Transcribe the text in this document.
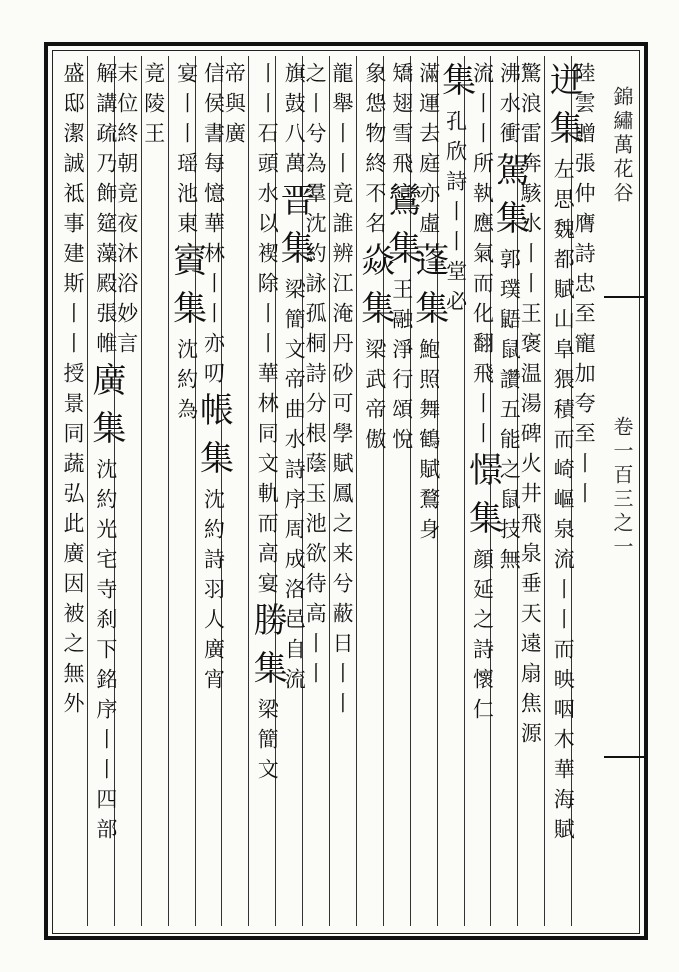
錦繡萬花谷
卷一百三之一
陸雲贈張仲膺詩忠至寵加夸至丨丨
迸集左思魏都賦山阜猥積而崎嶇泉流丨丨而映咽木華海賦
驚浪雷奔駭水丨丨王褒温湯碑火井飛泉垂天遠扇焦源
沸水衝駕集郭璞鼯鼠讚五能之鼠技無
流丨丨所執應氣而化翻飛丨丨憬集顔延之詩懷仁
集孔欣詩丨丨堂必
滿運去庭亦虛蓬集鮑照舞鶴賦鶩身
矯翅雪飛鸞集王融淨行頌悅
象怹物終不名焱集梁武帝傲
龍舉丨丨竟誰辨江淹丹砂可學賦鳳之来兮蔽日丨丨
之丨兮為羣沈約詠孤桐詩分根蔭玉池欲待高丨丨
旗鼓八萬晋集梁簡文帝曲水詩序周成洛邑自流
丨丨石頭水以褉除丨丨華林同文軌而高宴勝集梁簡文
帝與廣
信侯書每憶華林丨丨亦叨帳集沈約詩羽人廣宵
宴丨丨瑶池東賨集沈約為
竟陵王
末位終朝竟夜沐浴妙言
解講疏乃飾筵藻殿張帷廣集沈約光宅寺刹下銘序丨丨四部
盛邸潔誠祗事建斯丨丨授景同蔬弘此廣因被之無外
